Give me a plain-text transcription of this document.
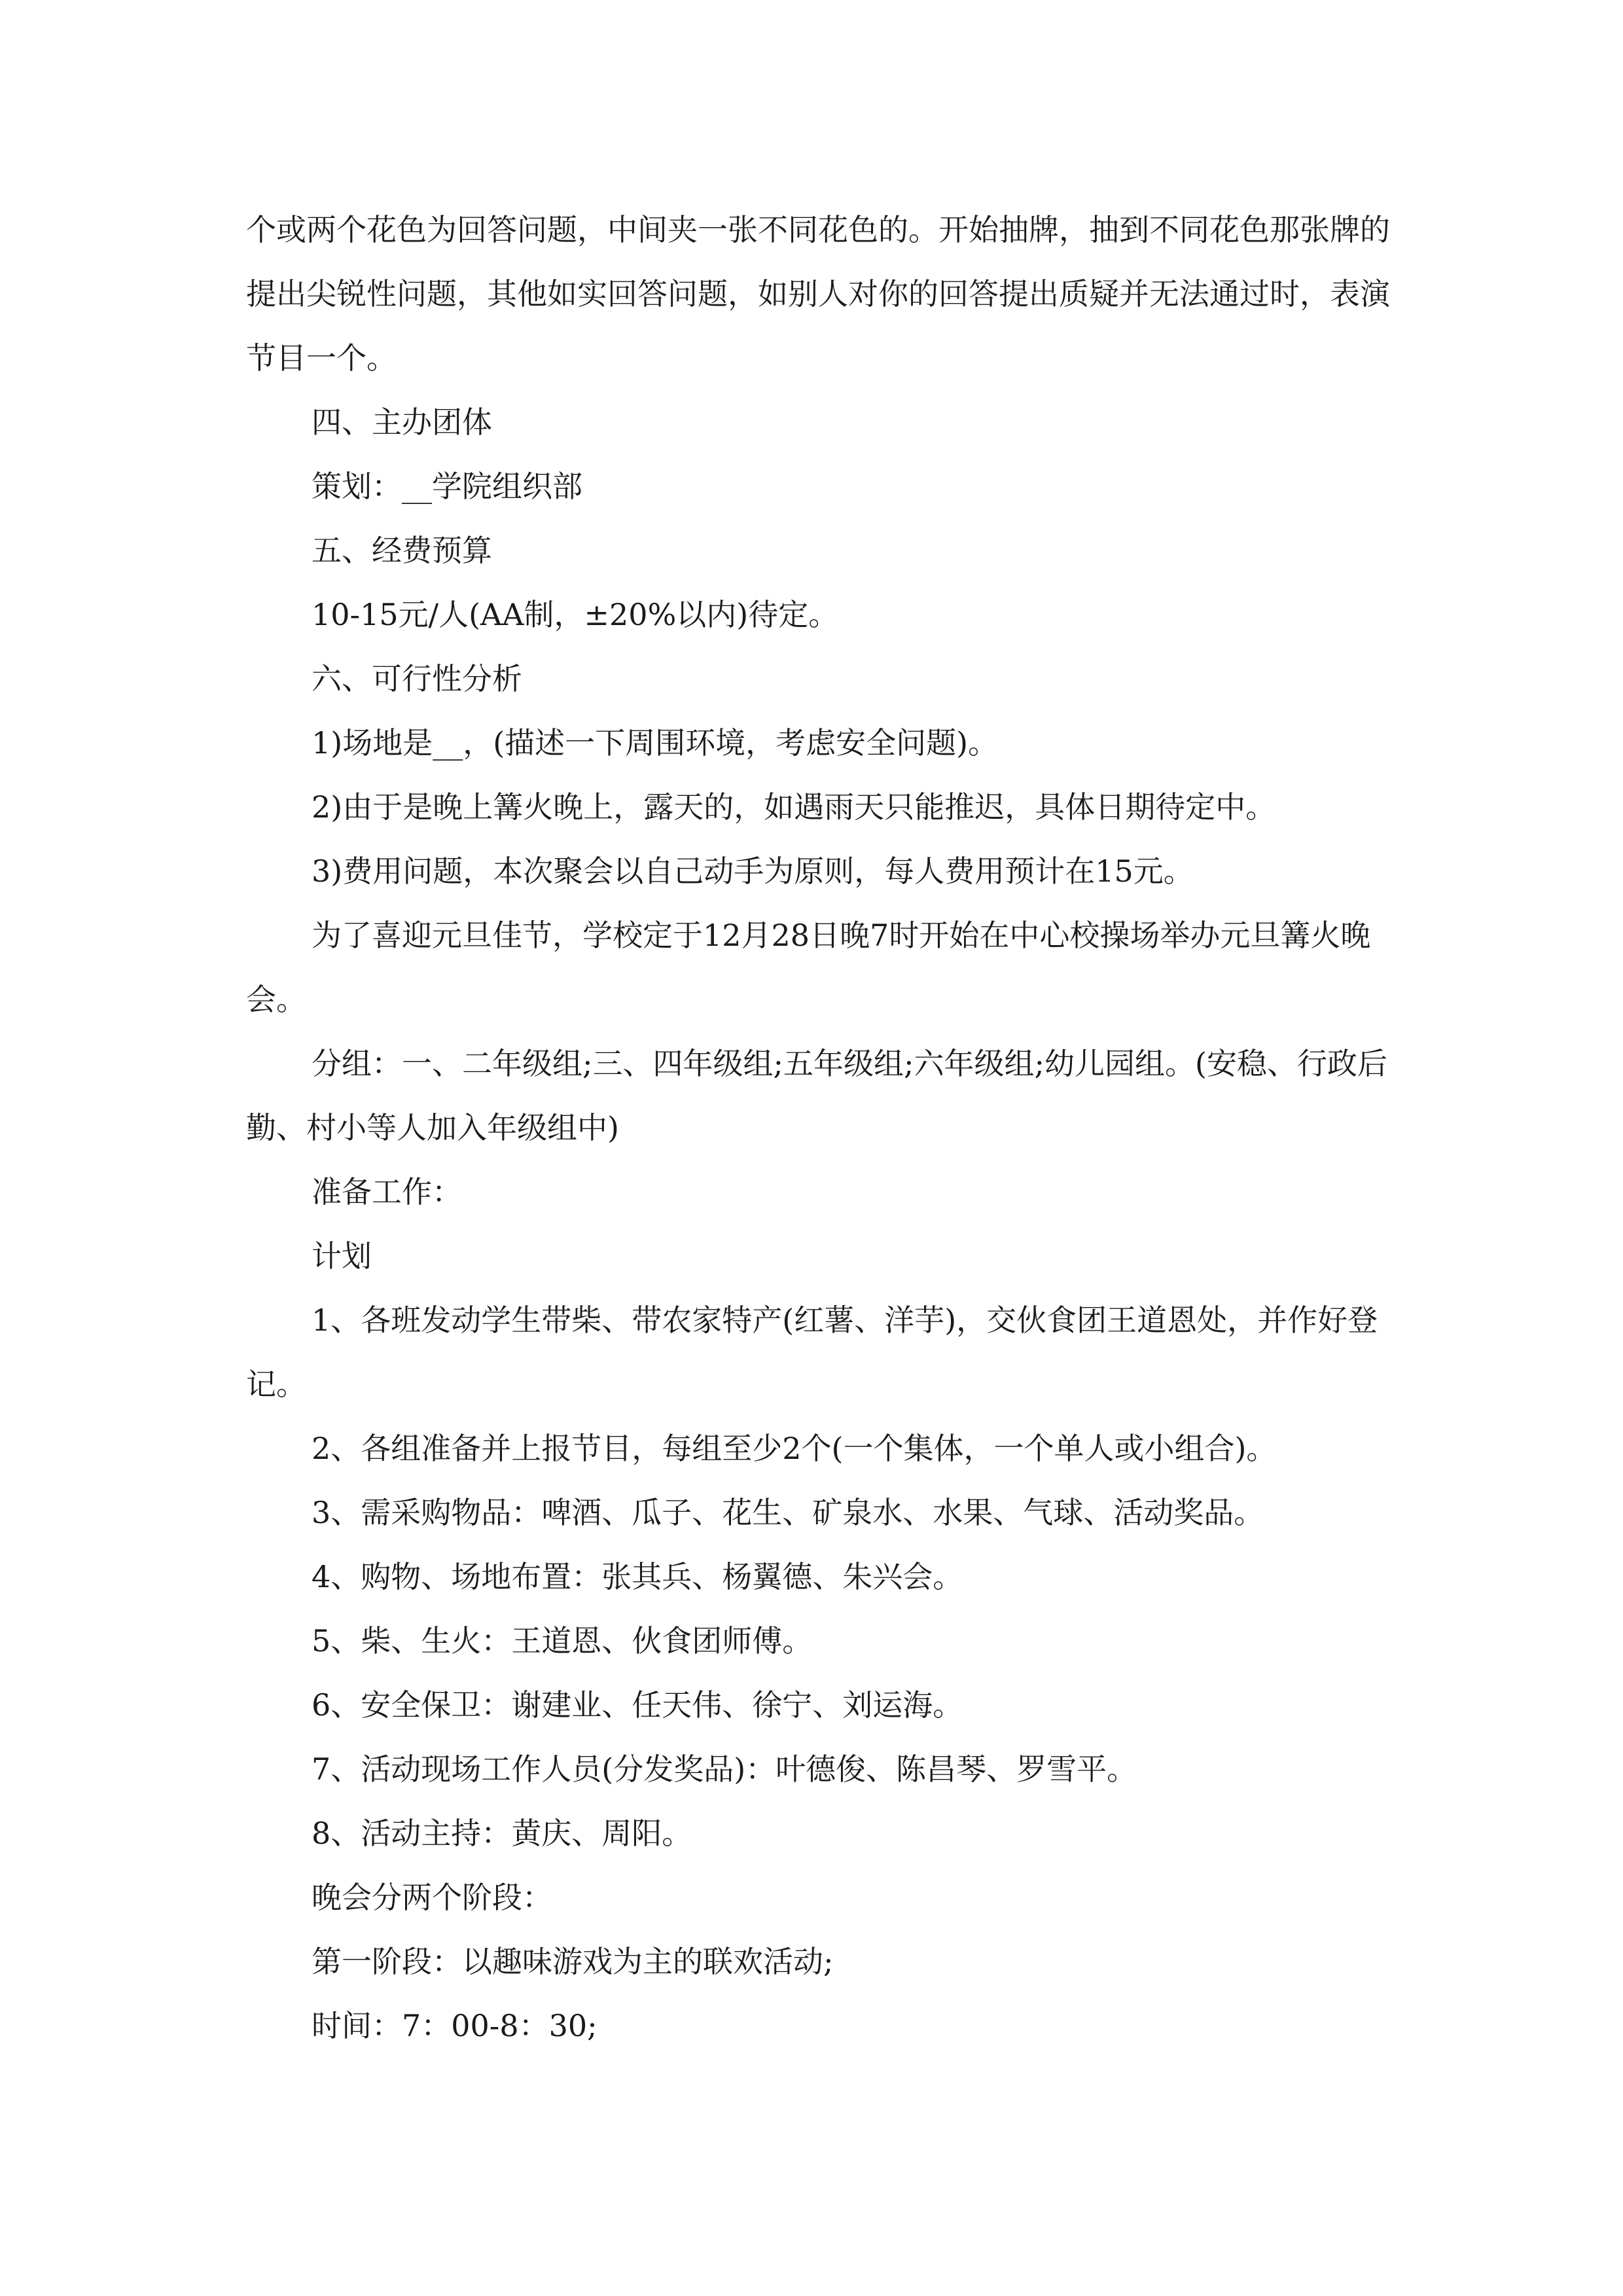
个或两个花色为回答问题，中间夹一张不同花色的。开始抽牌，抽到不同花色那张牌的提出尖锐性问题，其他如实回答问题，如别人对你的回答提出质疑并无法通过时，表演节目一个。

四、主办团体

策划：__学院组织部

五、经费预算

10-15元/人(AA制，±20%以内)待定。

六、可行性分析

1)场地是__，(描述一下周围环境，考虑安全问题)。

2)由于是晚上篝火晚上，露天的，如遇雨天只能推迟，具体日期待定中。

3)费用问题，本次聚会以自己动手为原则，每人费用预计在15元。

为了喜迎元旦佳节，学校定于12月28日晚7时开始在中心校操场举办元旦篝火晚会。

分组：一、二年级组;三、四年级组;五年级组;六年级组;幼儿园组。(安稳、行政后勤、村小等人加入年级组中)

准备工作：

计划

1、各班发动学生带柴、带农家特产(红薯、洋芋)，交伙食团王道恩处，并作好登记。

2、各组准备并上报节目，每组至少2个(一个集体，一个单人或小组合)。

3、需采购物品：啤酒、瓜子、花生、矿泉水、水果、气球、活动奖品。

4、购物、场地布置：张其兵、杨翼德、朱兴会。

5、柴、生火：王道恩、伙食团师傅。

6、安全保卫：谢建业、任天伟、徐宁、刘运海。

7、活动现场工作人员(分发奖品)：叶德俊、陈昌琴、罗雪平。

8、活动主持：黄庆、周阳。

晚会分两个阶段：

第一阶段：以趣味游戏为主的联欢活动;

时间：7：00-8：30;
